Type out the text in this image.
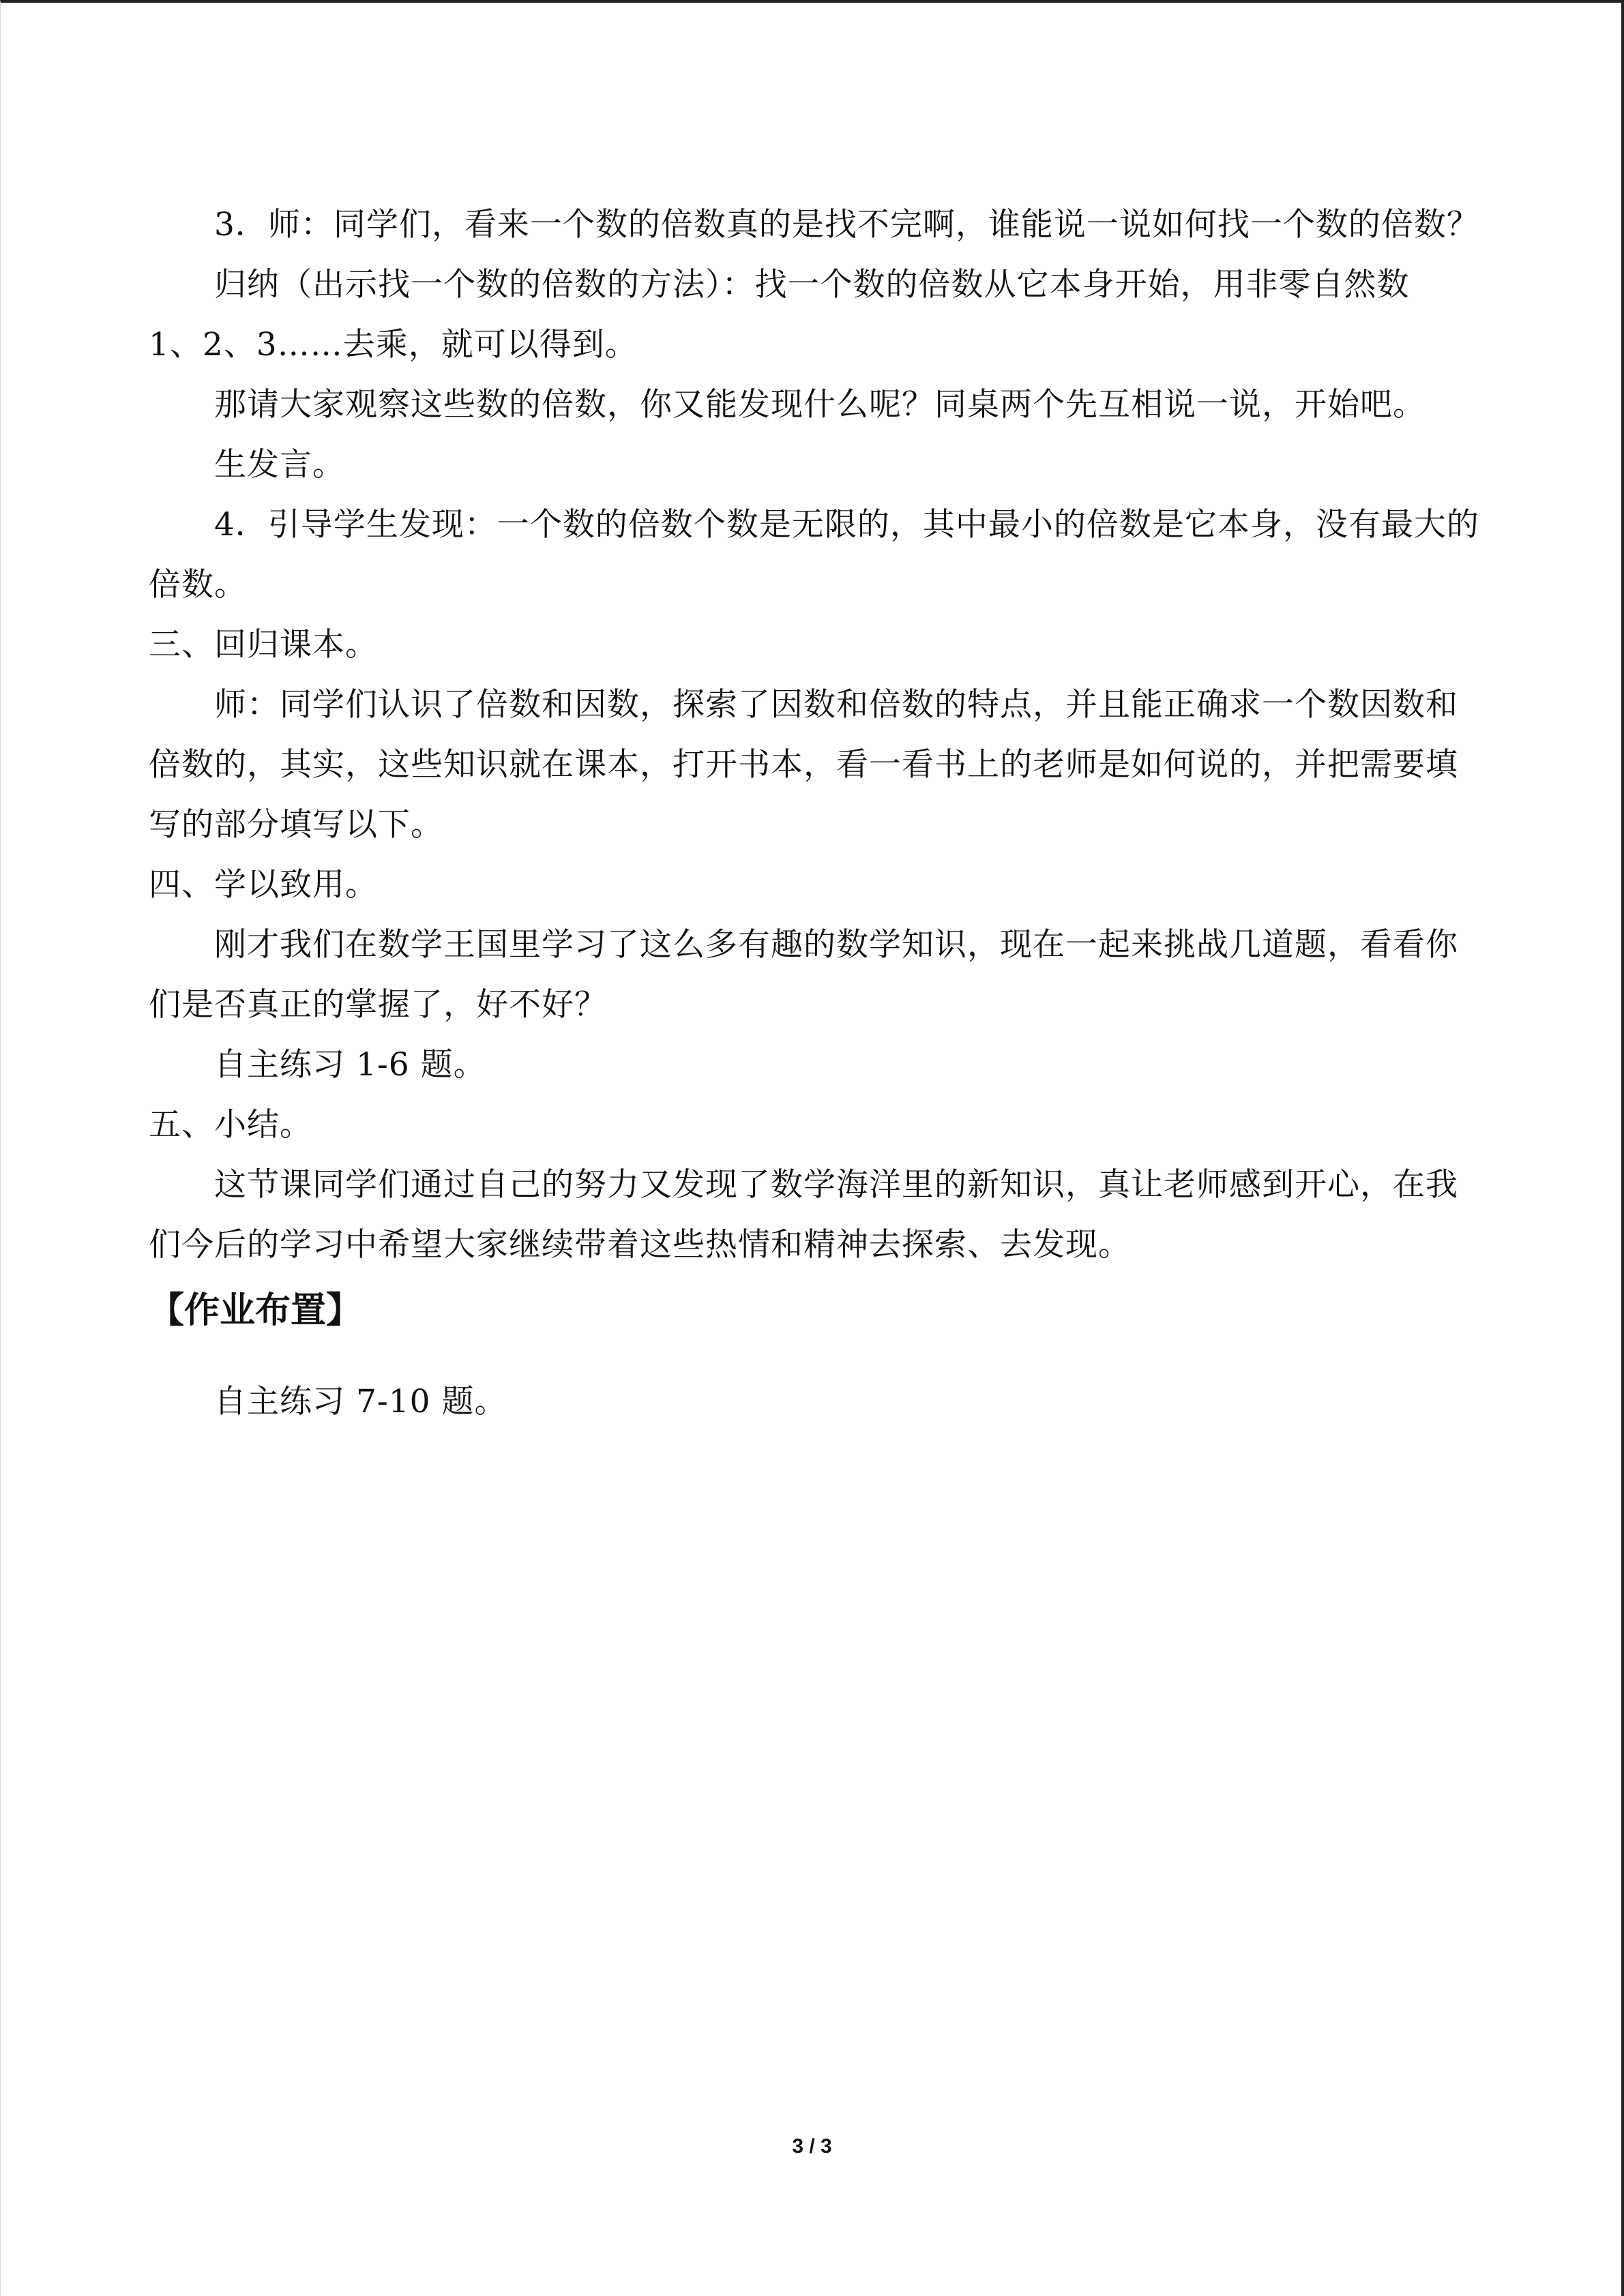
3．师：同学们，看来一个数的倍数真的是找不完啊，谁能说一说如何找一个数的倍数？
归纳（出示找一个数的倍数的方法）：找一个数的倍数从它本身开始，用非零自然数
1、2、3……去乘，就可以得到。
那请大家观察这些数的倍数，你又能发现什么呢？同桌两个先互相说一说，开始吧。
生发言。
4．引导学生发现：一个数的倍数个数是无限的，其中最小的倍数是它本身，没有最大的
倍数。
三、回归课本。
师：同学们认识了倍数和因数，探索了因数和倍数的特点，并且能正确求一个数因数和
倍数的，其实，这些知识就在课本，打开书本，看一看书上的老师是如何说的，并把需要填
写的部分填写以下。
四、学以致用。
刚才我们在数学王国里学习了这么多有趣的数学知识，现在一起来挑战几道题，看看你
们是否真正的掌握了，好不好？
自主练习 1-6 题。
五、小结。
这节课同学们通过自己的努力又发现了数学海洋里的新知识，真让老师感到开心，在我
们今后的学习中希望大家继续带着这些热情和精神去探索、去发现。
【作业布置】
自主练习 7-10 题。
3 / 3
